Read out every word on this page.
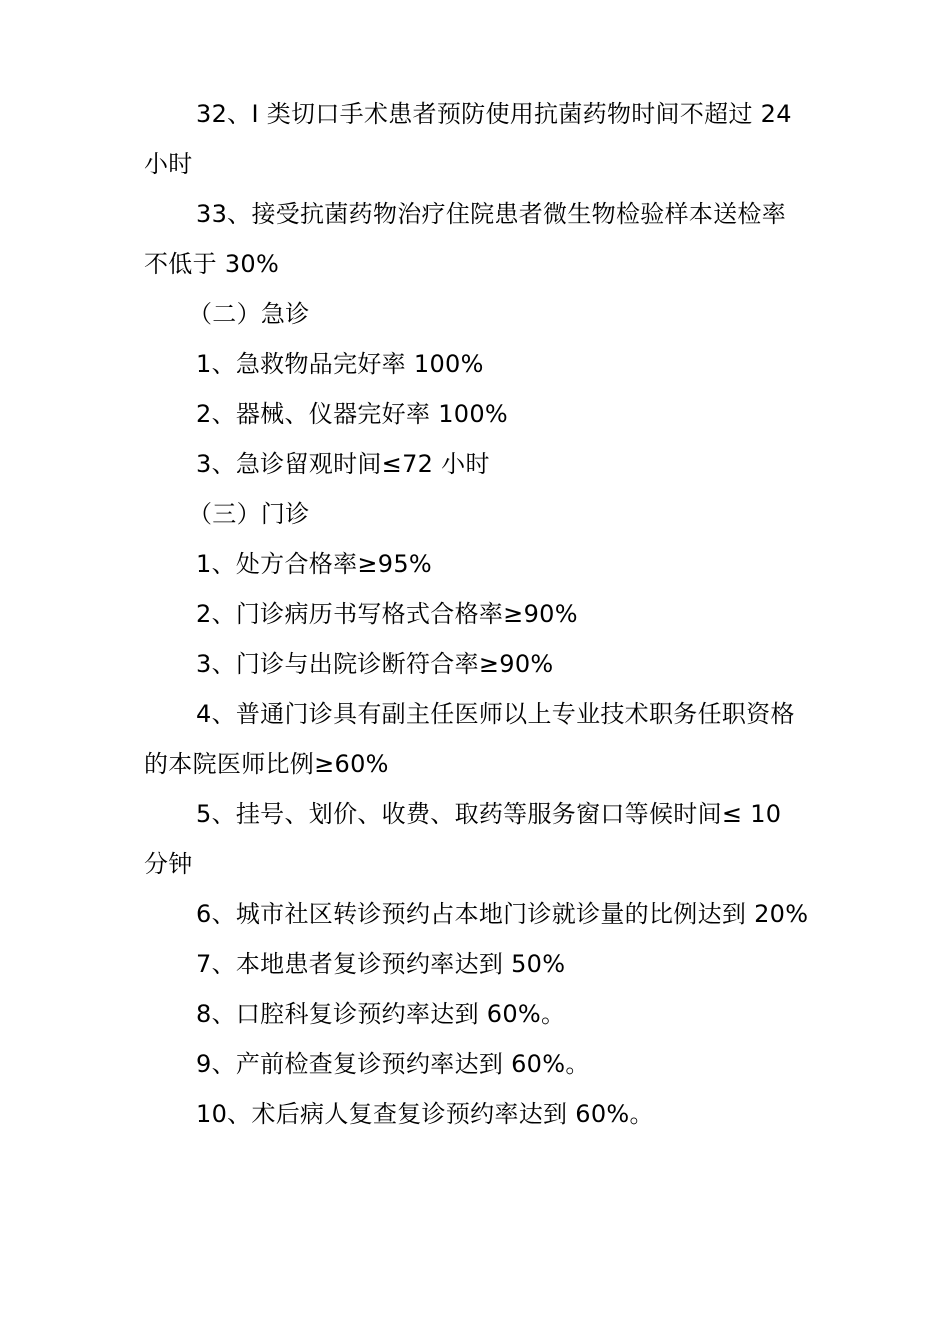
32、I 类切口手术患者预防使用抗菌药物时间不超过 24 小时

33、接受抗菌药物治疗住院患者微生物检验样本送检率不低于 30%

（二）急诊

1、急救物品完好率 100%

2、器械、仪器完好率 100%

3、急诊留观时间≤72 小时

（三）门诊

1、处方合格率≥95%

2、门诊病历书写格式合格率≥90%

3、门诊与出院诊断符合率≥90%

4、普通门诊具有副主任医师以上专业技术职务任职资格的本院医师比例≥60%

5、挂号、划价、收费、取药等服务窗口等候时间≤ 10 分钟

6、城市社区转诊预约占本地门诊就诊量的比例达到 20%

7、本地患者复诊预约率达到 50%

8、口腔科复诊预约率达到 60%。

9、产前检查复诊预约率达到 60%。

10、术后病人复查复诊预约率达到 60%。
